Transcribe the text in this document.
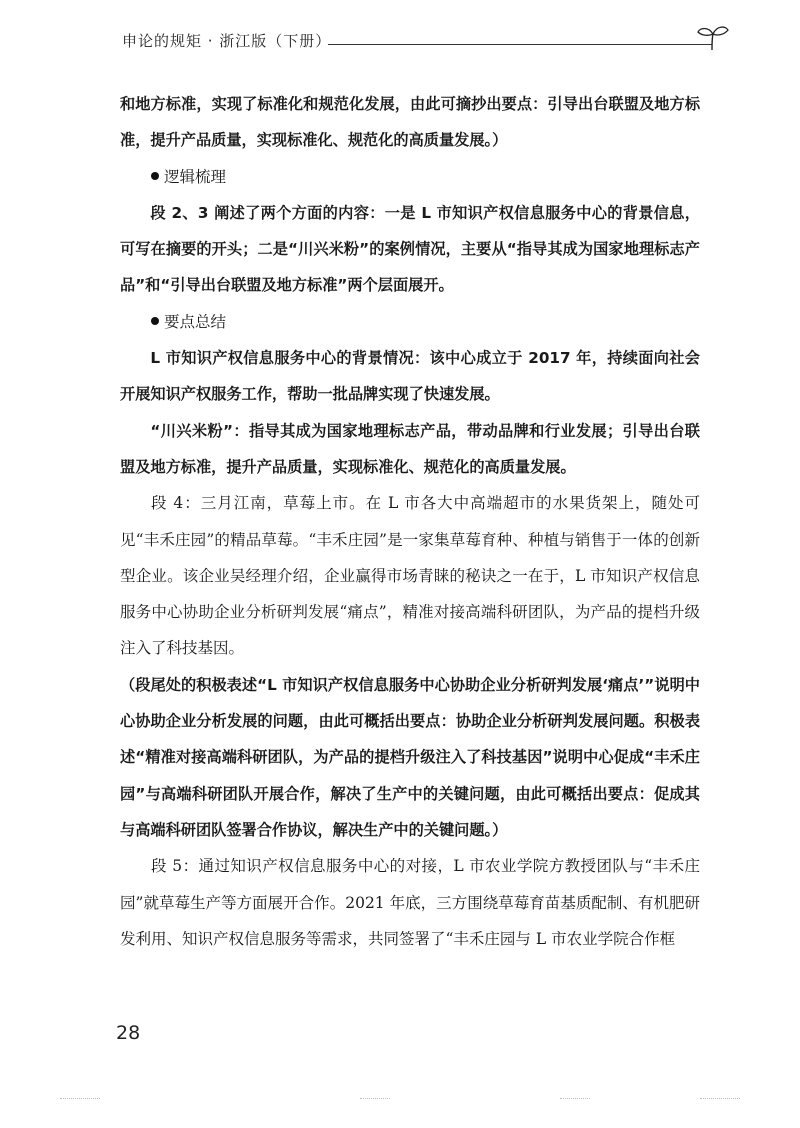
申论的规矩 · 浙江版（下册）

和地方标准，实现了标准化和规范化发展，由此可摘抄出要点：引导出台联盟及地方标准，提升产品质量，实现标准化、规范化的高质量发展。）

逻辑梳理

段 2、3 阐述了两个方面的内容：一是 L 市知识产权信息服务中心的背景信息，可写在摘要的开头；二是“川兴米粉”的案例情况，主要从“指导其成为国家地理标志产品”和“引导出台联盟及地方标准”两个层面展开。

要点总结

L 市知识产权信息服务中心的背景情况：该中心成立于 2017 年，持续面向社会开展知识产权服务工作，帮助一批品牌实现了快速发展。

“川兴米粉”：指导其成为国家地理标志产品，带动品牌和行业发展；引导出台联盟及地方标准，提升产品质量，实现标准化、规范化的高质量发展。

段 4：三月江南，草莓上市。在 L 市各大中高端超市的水果货架上，随处可见“丰禾庄园”的精品草莓。“丰禾庄园”是一家集草莓育种、种植与销售于一体的创新型企业。该企业吴经理介绍，企业赢得市场青睐的秘诀之一在于，L 市知识产权信息服务中心协助企业分析研判发展“痛点”，精准对接高端科研团队，为产品的提档升级注入了科技基因。

（段尾处的积极表述“L 市知识产权信息服务中心协助企业分析研判发展‘痛点’”说明中心协助企业分析发展的问题，由此可概括出要点：协助企业分析研判发展问题。积极表述“精准对接高端科研团队，为产品的提档升级注入了科技基因”说明中心促成“丰禾庄园”与高端科研团队开展合作，解决了生产中的关键问题，由此可概括出要点：促成其与高端科研团队签署合作协议，解决生产中的关键问题。）

段 5：通过知识产权信息服务中心的对接，L 市农业学院方教授团队与“丰禾庄园”就草莓生产等方面展开合作。2021 年底，三方围绕草莓育苗基质配制、有机肥研发利用、知识产权信息服务等需求，共同签署了“丰禾庄园与 L 市农业学院合作框

28
